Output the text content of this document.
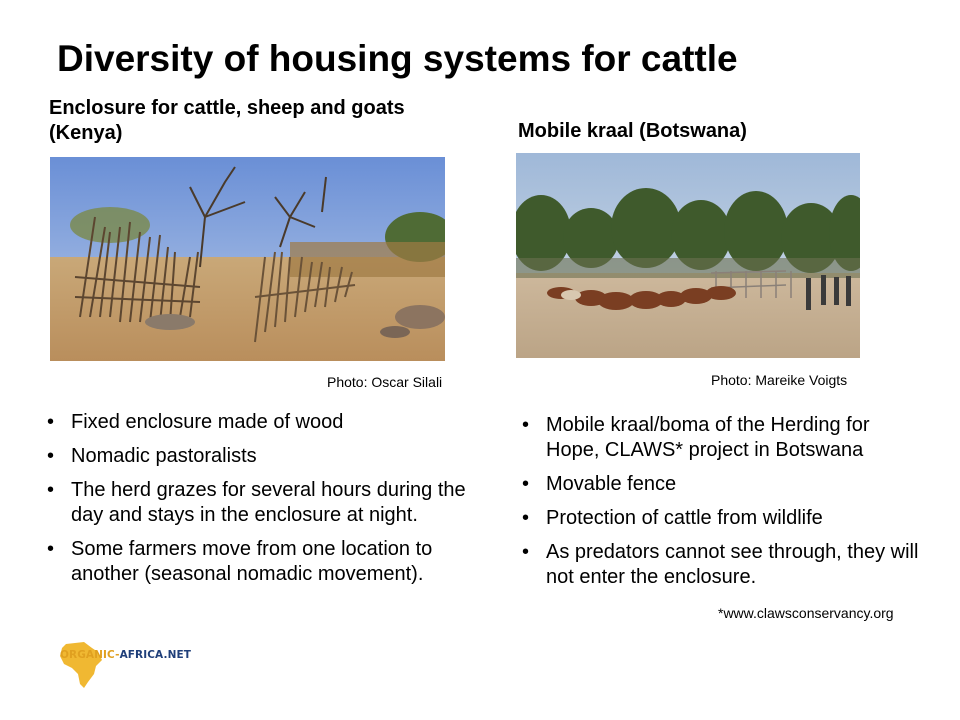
Diversity of housing systems for cattle
Enclosure for cattle, sheep and goats (Kenya)
Photo: Oscar Silali
• Fixed enclosure made of wood
• Nomadic pastoralists
• The herd grazes for several hours during the day and stays in the enclosure at night.
• Some farmers move from one location to another (seasonal nomadic movement).
Mobile kraal (Botswana)
Photo: Mareike Voigts
• Mobile kraal/boma of the Herding for Hope, CLAWS* project in Botswana
• Movable fence
• Protection of cattle from wildlife
• As predators cannot see through, they will not enter the enclosure.
*www.clawsconservancy.org
ORGANIC-AFRICA.NET
